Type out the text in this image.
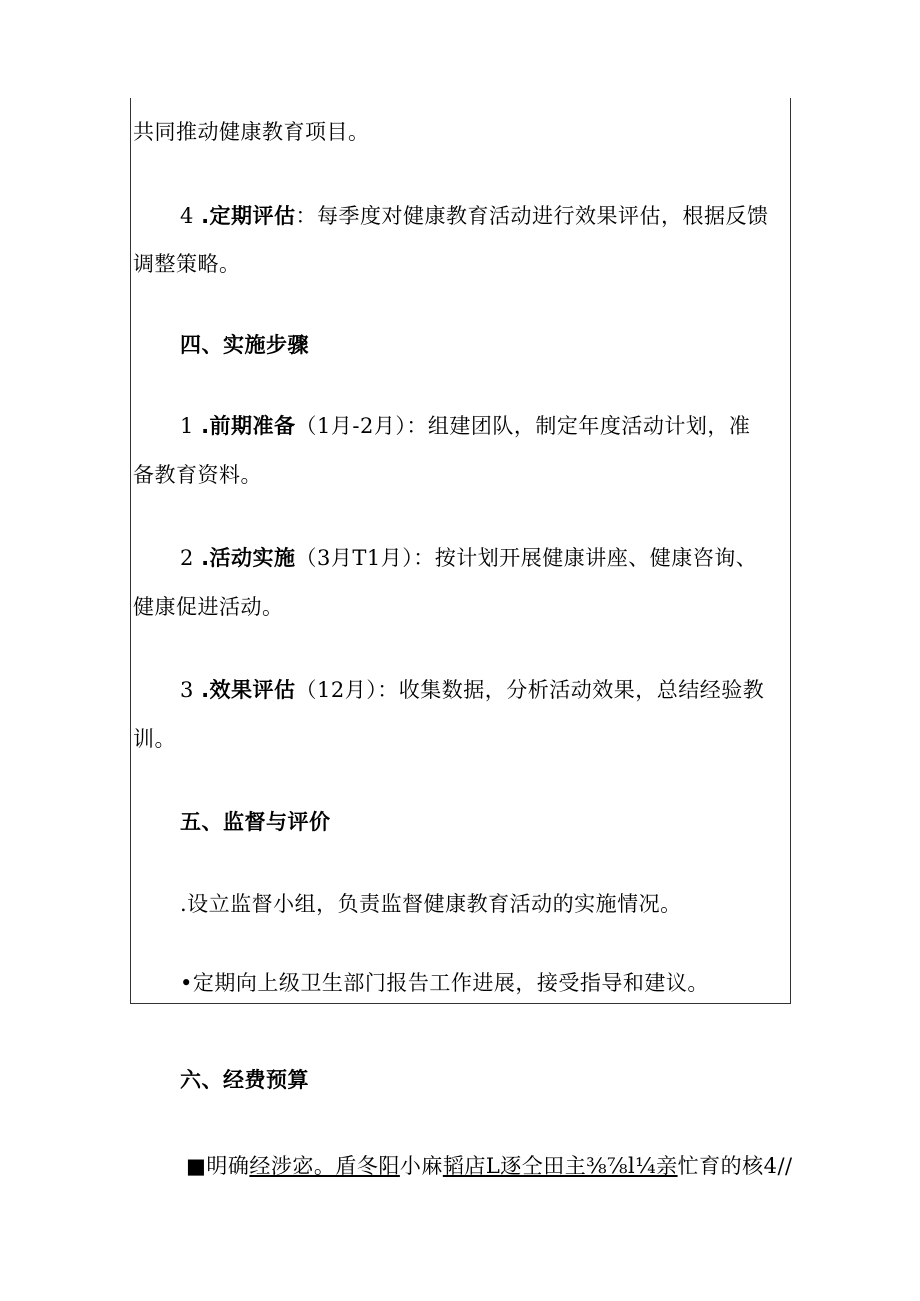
共同推动健康教育项目。
4 .定期评估：每季度对健康教育活动进行效果评估，根据反馈
调整策略。
四、实施步骤
1 .前期准备（1月-2月）：组建团队，制定年度活动计划，准
备教育资料。
2 .活动实施（3月T1月）：按计划开展健康讲座、健康咨询、
健康促进活动。
3 .效果评估（12月）：收集数据，分析活动效果，总结经验教
训。
五、监督与评价
.设立监督小组，负责监督健康教育活动的实施情况。
•定期向上级卫生部门报告工作进展，接受指导和建议。
六、经费预算
■明确经涉宓。盾冬阳小麻韬店L逐仝田主⅜⅞l¼亲忙育的核4//
